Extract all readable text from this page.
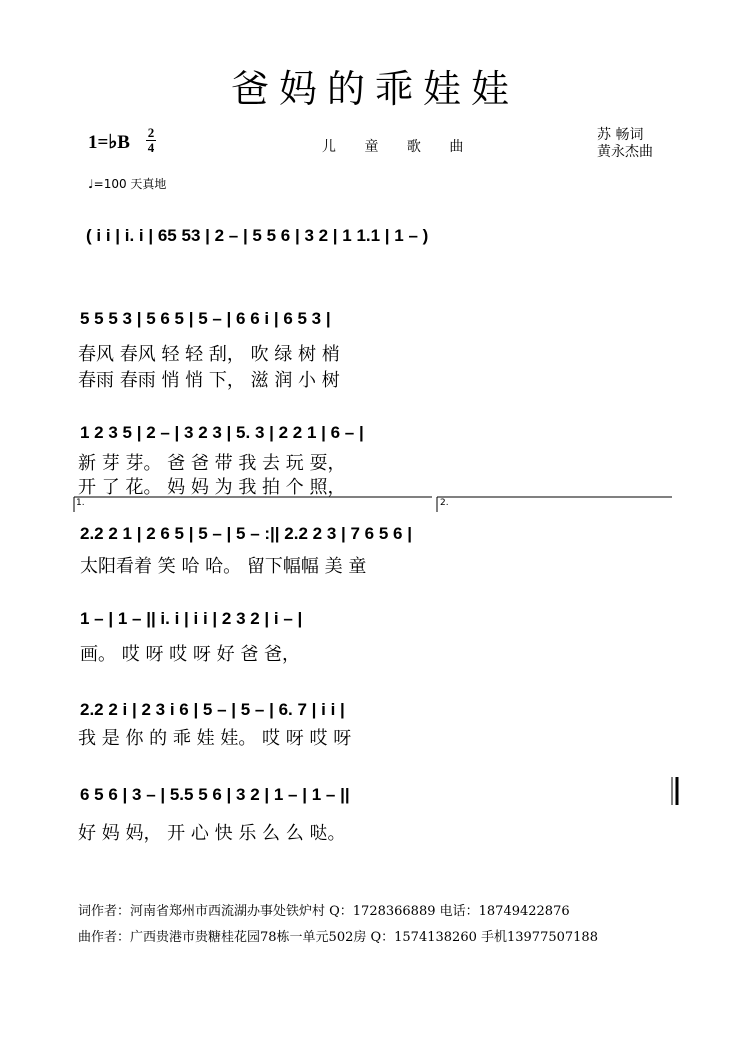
爸妈的乖娃娃
1=♭B 2
4	儿 童 歌 曲
苏 畅词
黄永杰曲
♩=100 天真地
( i i | i. i | 65 53 | 2 – | 5 5 6 | 3 2 | 1 1.1 | 1 – )
5 5 5 3 | 5 6 5 | 5 – | 6 6 i | 6 5 3 |
春风 春风 轻 轻 刮， 吹 绿 树 梢
春雨 春雨 悄 悄 下， 滋 润 小 树
1 2 3 5 | 2 – | 3 2 3 | 5. 3 | 2 2 1 | 6 – |
新 芽 芽。 爸 爸 带 我 去 玩 耍，
开 了 花。 妈 妈 为 我 拍 个 照，
1.	2.
2.2 2 1 | 2 6 5 | 5 – | 5 – :|| 2.2 2 3 | 7 6 5 6 |
太阳看着 笑 哈 哈。 留下幅幅 美 童
1 – | 1 – || i. i | i i | 2 3 2 | i – |
画。 哎 呀 哎 呀 好 爸 爸，
2.2 2 i | 2 3 i 6 | 5 – | 5 – | 6. 7 | i i |
我 是 你 的 乖 娃 娃。 哎 呀 哎 呀
6 5 6 | 3 – | 5.5 5 6 | 3 2 | 1 – | 1 – ||
好 妈 妈， 开 心 快 乐 么 么 哒。
词作者：河南省郑州市西流湖办事处铁炉村 Q：1728366889 电话：18749422876
曲作者：广西贵港市贵糖桂花园78栋一单元502房 Q：1574138260 手机13977507188
